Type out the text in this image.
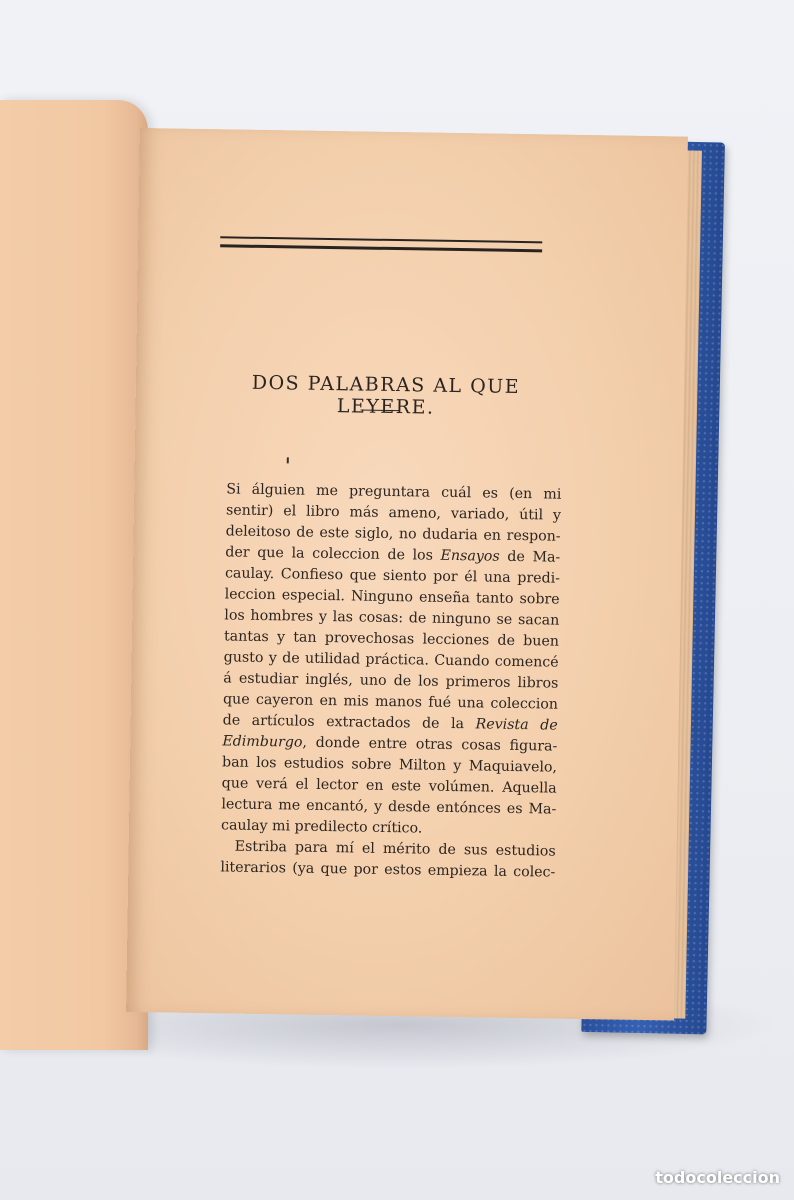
DOS PALABRAS AL QUE LEYERE.

Si álguien me preguntara cuál es (en mi
sentir) el libro más ameno, variado, útil y
deleitoso de este siglo, no dudaria en respon-
der que la coleccion de los Ensayos de Ma-
caulay. Confieso que siento por él una predi-
leccion especial. Ninguno enseña tanto sobre
los hombres y las cosas: de ninguno se sacan
tantas y tan provechosas lecciones de buen
gusto y de utilidad práctica. Cuando comencé
á estudiar inglés, uno de los primeros libros
que cayeron en mis manos fué una coleccion
de artículos extractados de la Revista de
Edimburgo, donde entre otras cosas figura-
ban los estudios sobre Milton y Maquiavelo,
que verá el lector en este volúmen. Aquella
lectura me encantó, y desde entónces es Ma-
caulay mi predilecto crítico.
Estriba para mí el mérito de sus estudios
literarios (ya que por estos empieza la colec-

todocoleccion
